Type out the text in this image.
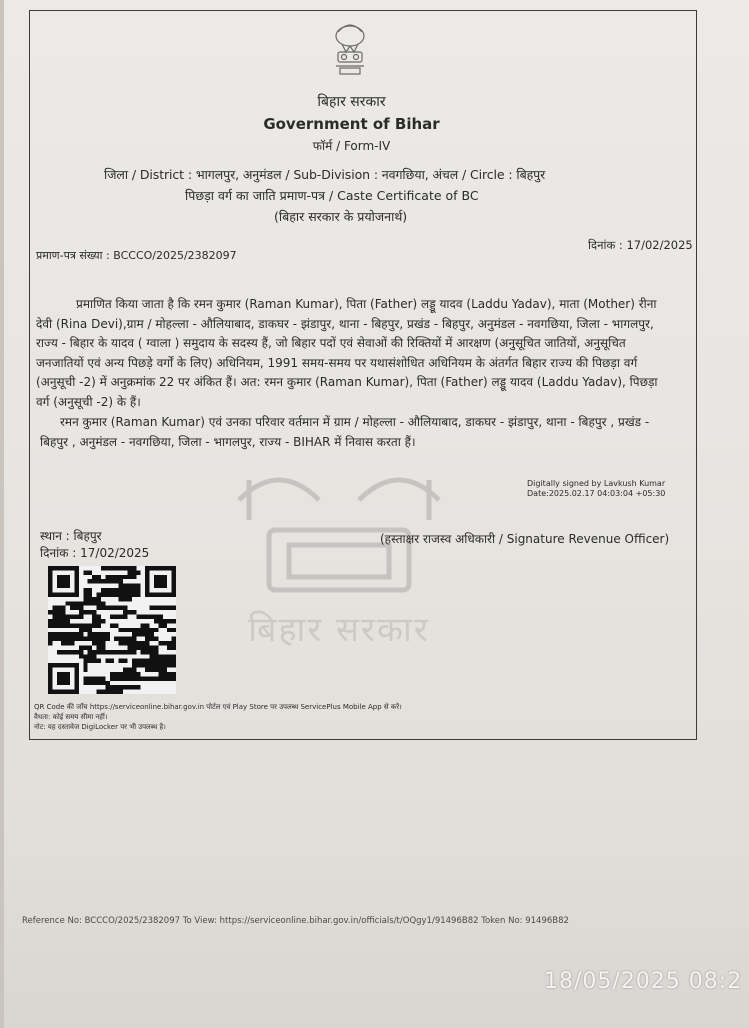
बिहार सरकार
Government of Bihar
फॉर्म / Form-IV
जिला / District : भागलपुर, अनुमंडल / Sub-Division : नवगछिया, अंचल / Circle : बिहपुर
पिछड़ा वर्ग का जाति प्रमाण-पत्र / Caste Certificate of BC
(बिहार सरकार के प्रयोजनार्थ)
दिनांक : 17/02/2025
प्रमाण-पत्र संख्या : BCCCO/2025/2382097
बिहार सरकार
प्रमाणित किया जाता है कि रमन कुमार (Raman Kumar), पिता (Father) लड्डू यादव (Laddu Yadav), माता (Mother) रीना
देवी (Rina Devi),ग्राम / मोहल्ला - औलियाबाद, डाकघर - झंडापुर, थाना - बिहपुर, प्रखंड - बिहपुर, अनुमंडल - नवगछिया, जिला - भागलपुर,
राज्य - बिहार के यादव ( ग्वाला ) समुदाय के सदस्य हैं, जो बिहार पदों एवं सेवाओं की रिक्तियों में आरक्षण (अनुसूचित जातियों, अनुसूचित
जनजातियों एवं अन्य पिछड़े वर्गों के लिए) अधिनियम, 1991 समय-समय पर यथासंशोधित अधिनियम के अंतर्गत बिहार राज्य की पिछड़ा वर्ग
(अनुसूची -2) में अनुक्रमांक 22 पर अंकित हैं। अत: रमन कुमार (Raman Kumar), पिता (Father) लड्डू यादव (Laddu Yadav), पिछड़ा
वर्ग (अनुसूची -2) के हैं।
रमन कुमार (Raman Kumar) एवं उनका परिवार वर्तमान में ग्राम / मोहल्ला - औलियाबाद, डाकघर - झंडापुर, थाना - बिहपुर , प्रखंड -
बिहपुर , अनुमंडल - नवगछिया, जिला - भागलपुर, राज्य - BIHAR में निवास करता हैं।
Digitally signed by Lavkush Kumar
Date:2025.02.17 04:03:04 +05:30
स्थान : बिहपुर
दिनांक : 17/02/2025
(हस्ताक्षर राजस्व अधिकारी / Signature Revenue Officer)
QR Code की जाँच https://serviceonline.bihar.gov.in पोर्टल एवं Play Store पर उपलब्ध ServicePlus Mobile App से करें।
वैधता: कोई समय सीमा नहीं।
नोट: यह दस्तावेज DigiLocker पर भी उपलब्ध है।
Reference No: BCCCO/2025/2382097 To View: https://serviceonline.bihar.gov.in/officials/t/OQgy1/91496B82 Token No: 91496B82
18/05/2025 08:2
